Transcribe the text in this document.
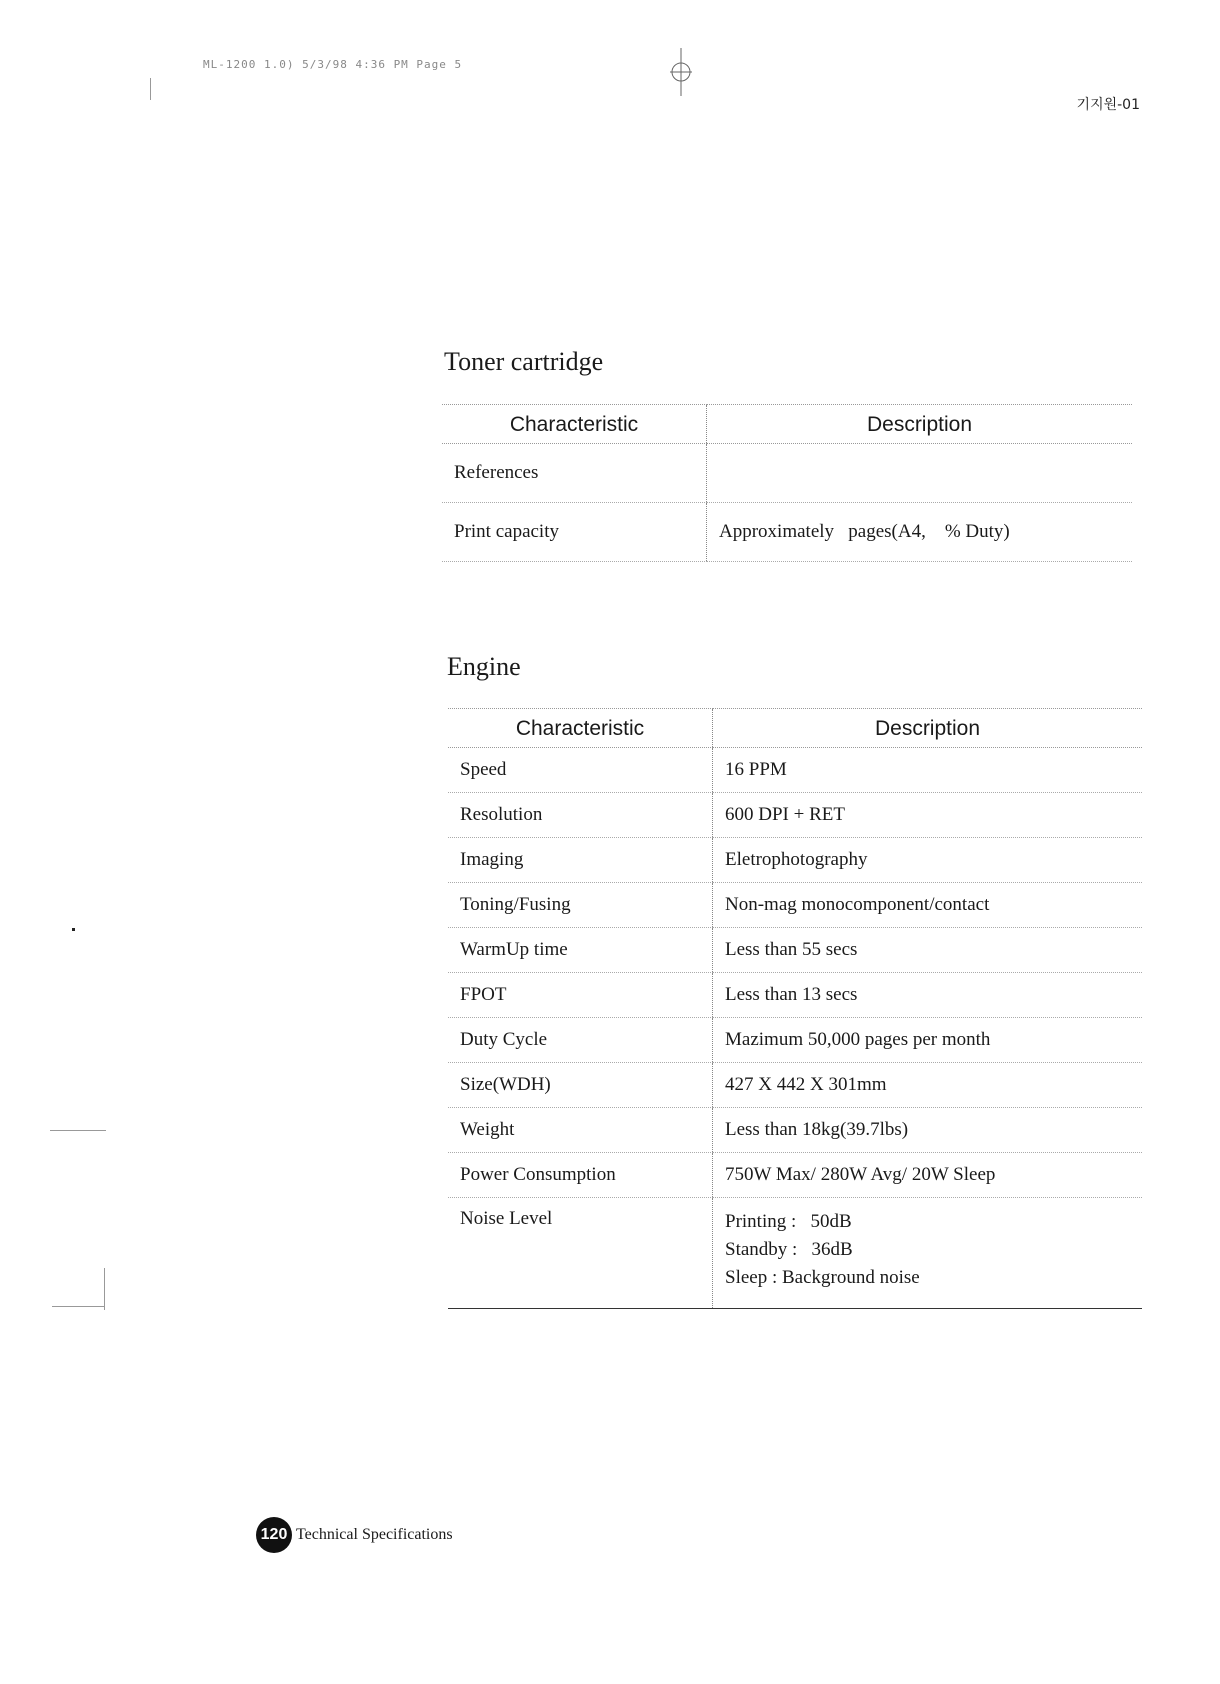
ML-1200 1.0) 5/3/98 4:36 PM Page 5
기지원-01
Toner cartridge
Characteristic	Description
References	
Print capacity	Approximately   pages(A4,    % Duty)
Engine
Characteristic	Description
Speed	16 PPM
Resolution	600 DPI + RET
Imaging	Eletrophotography
Toning/Fusing	Non-mag monocomponent/contact
WarmUp time	Less than 55 secs
FPOT	Less than 13 secs
Duty Cycle	Mazimum 50,000 pages per month
Size(WDH)	427 X 442 X 301mm
Weight	Less than 18kg(39.7lbs)
Power Consumption	750W Max/ 280W Avg/ 20W Sleep
Noise Level	Printing :   50dB
Standby :   36dB
Sleep : Background noise
120 Technical Specifications
